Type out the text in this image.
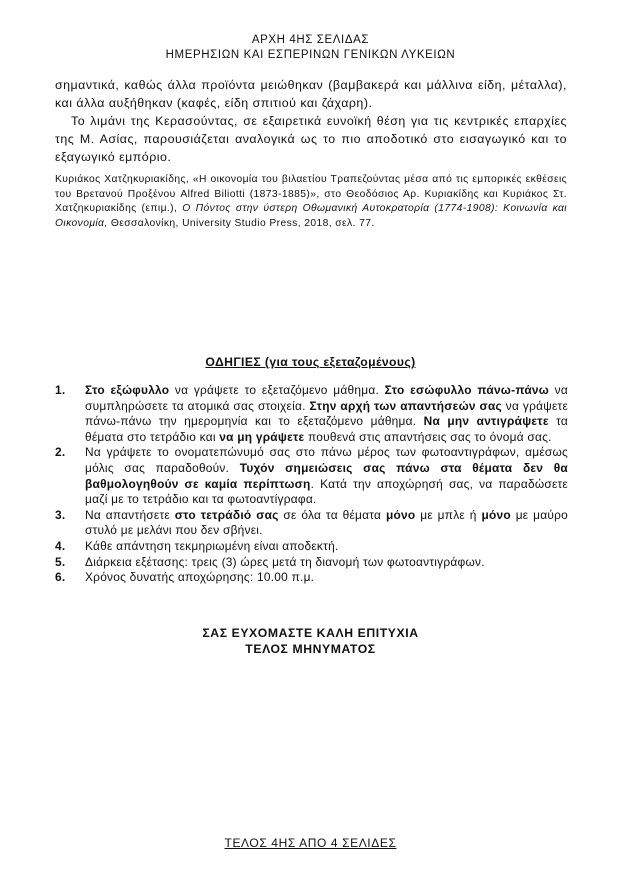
ΑΡΧΗ 4ΗΣ ΣΕΛΙΔΑΣ
ΗΜΕΡΗΣΙΩΝ ΚΑΙ ΕΣΠΕΡΙΝΩΝ ΓΕΝΙΚΩΝ ΛΥΚΕΙΩΝ

σημαντικά, καθώς άλλα προϊόντα μειώθηκαν (βαμβακερά και μάλλινα είδη, μέταλλα), και άλλα αυξήθηκαν (καφές, είδη σπιτιού και ζάχαρη).

Το λιμάνι της Κερασούντας, σε εξαιρετικά ευνοϊκή θέση για τις κεντρικές επαρχίες της Μ. Ασίας, παρουσιάζεται αναλογικά ως το πιο αποδοτικό στο εισαγωγικό και το εξαγωγικό εμπόριο.

Κυριάκος Χατζηκυριακίδης, «Η οικονομία του βιλαετίου Τραπεζούντας μέσα από τις εμπορικές εκθέσεις του Βρετανού Προξένου Alfred Biliotti (1873-1885)», στο Θεοδόσιος Αρ. Κυριακίδης και Κυριάκος Στ. Χατζηκυριακίδης (επιμ.), Ο Πόντος στην ύστερη Οθωμανική Αυτοκρατορία (1774-1908): Κοινωνία και Οικονομία, Θεσσαλονίκη, University Studio Press, 2018, σελ. 77.

ΟΔΗΓΙΕΣ (για τους εξεταζομένους)
1.	Στο εξώφυλλο να γράψετε το εξεταζόμενο μάθημα. Στο εσώφυλλο πάνω-πάνω να συμπληρώσετε τα ατομικά σας στοιχεία. Στην αρχή των απαντήσεών σας να γράψετε πάνω-πάνω την ημερομηνία και το εξεταζόμενο μάθημα. Να μην αντιγράψετε τα θέματα στο τετράδιο και να μη γράψετε πουθενά στις απαντήσεις σας το όνομά σας.
2.	Να γράψετε το ονοματεπώνυμό σας στο πάνω μέρος των φωτοαντιγράφων, αμέσως μόλις σας παραδοθούν. Τυχόν σημειώσεις σας πάνω στα θέματα δεν θα βαθμολογηθούν σε καμία περίπτωση. Κατά την αποχώρησή σας, να παραδώσετε μαζί με το τετράδιο και τα φωτοαντίγραφα.
3.	Να απαντήσετε στο τετράδιό σας σε όλα τα θέματα μόνο με μπλε ή μόνο με μαύρο στυλό με μελάνι που δεν σβήνει.
4.	Κάθε απάντηση τεκμηριωμένη είναι αποδεκτή.
5.	Διάρκεια εξέτασης: τρεις (3) ώρες μετά τη διανομή των φωτοαντιγράφων.
6.	Χρόνος δυνατής αποχώρησης: 10.00 π.μ.
ΣΑΣ ΕΥΧΟΜΑΣΤΕ ΚΑΛΗ ΕΠΙΤΥΧΙΑ
ΤΕΛΟΣ ΜΗΝΥΜΑΤΟΣ
ΤΕΛΟΣ 4ΗΣ ΑΠΟ 4 ΣΕΛΙΔΕΣ
